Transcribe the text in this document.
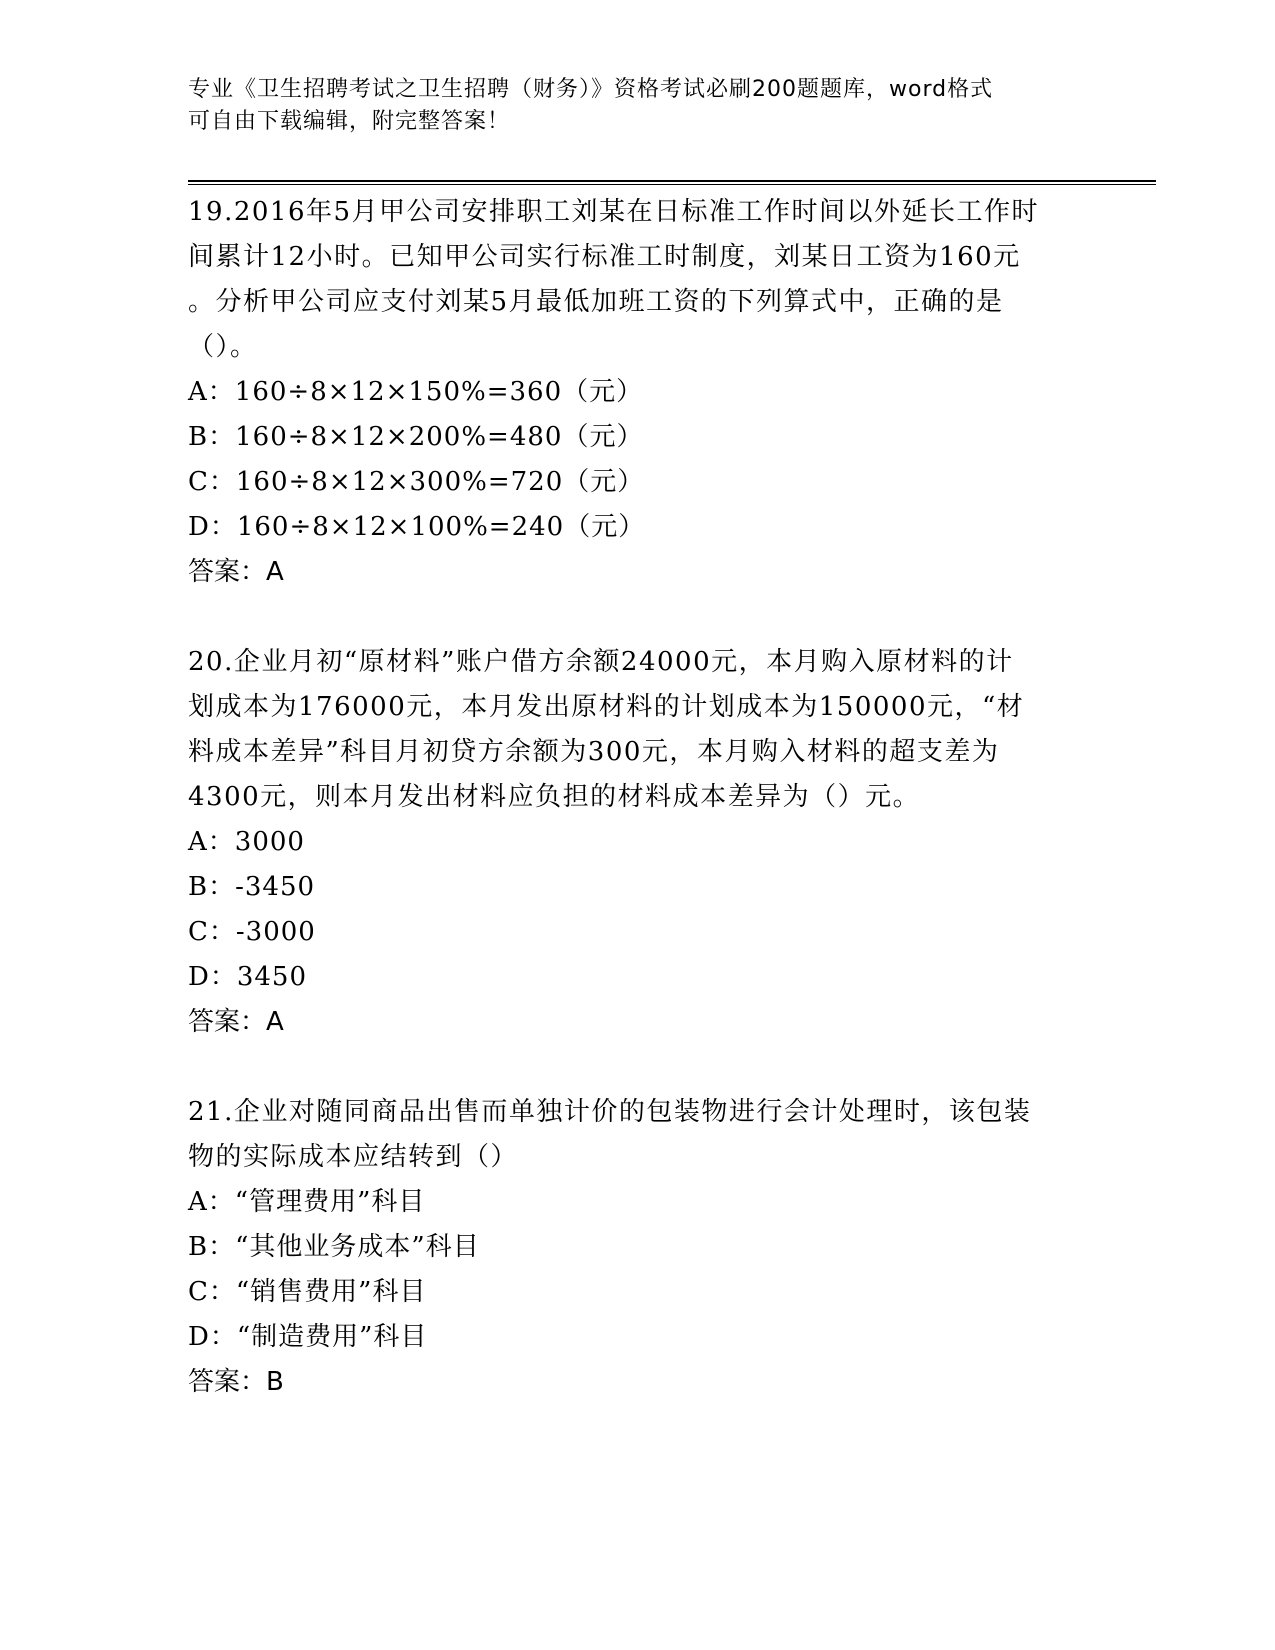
专业《卫生招聘考试之卫生招聘（财务）》资格考试必刷200题题库，word格式
可自由下载编辑，附完整答案！
19.2016年5月甲公司安排职工刘某在日标准工作时间以外延长工作时
间累计12小时。已知甲公司实行标准工时制度，刘某日工资为160元
。分析甲公司应支付刘某5月最低加班工资的下列算式中，正确的是
（）。
A：160÷8×12×150%=360（元）
B：160÷8×12×200%=480（元）
C：160÷8×12×300%=720（元）
D：160÷8×12×100%=240（元）
答案：A
20.企业月初“原材料”账户借方余额24000元，本月购入原材料的计
划成本为176000元，本月发出原材料的计划成本为150000元，“材
料成本差异”科目月初贷方余额为300元，本月购入材料的超支差为
4300元，则本月发出材料应负担的材料成本差异为（）元。
A：3000
B：-3450
C：-3000
D：3450
答案：A
21.企业对随同商品出售而单独计价的包装物进行会计处理时，该包装
物的实际成本应结转到（）
A：“管理费用”科目
B：“其他业务成本”科目
C：“销售费用”科目
D：“制造费用”科目
答案：B
